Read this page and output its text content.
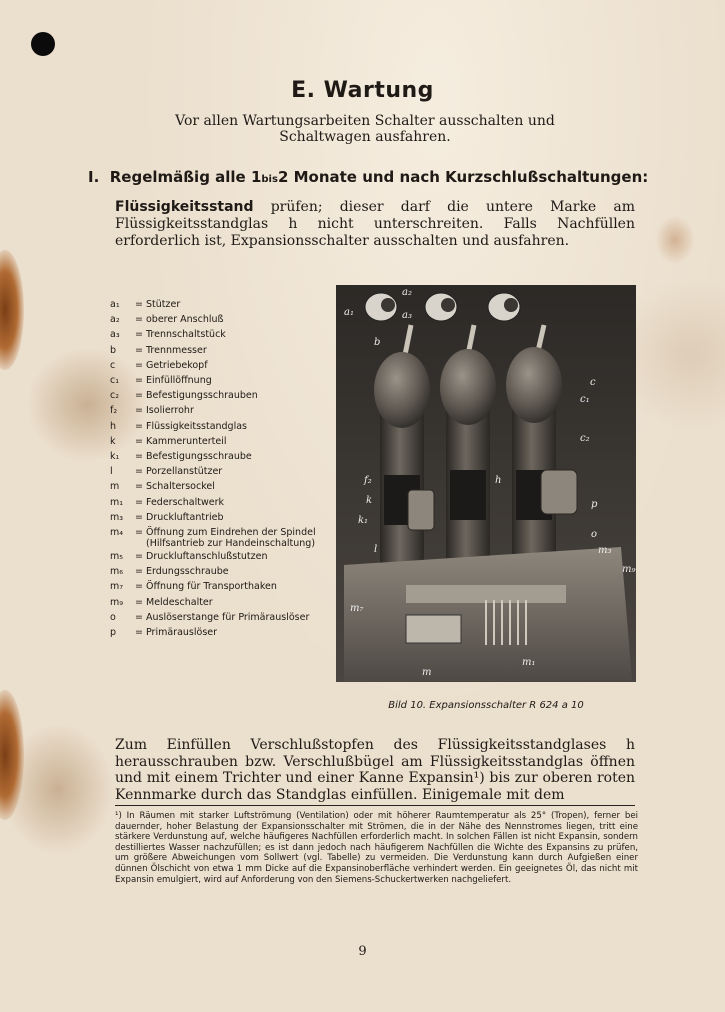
E. Wartung
Vor allen Wartungsarbeiten Schalter ausschalten und Schaltwagen ausfahren.
I. Regelmäßig alle 1bis2 Monate und nach Kurzschlußschaltungen:
Flüssigkeitsstand prüfen; dieser darf die untere Marke am Flüssigkeitsstandglas h nicht unterschreiten. Falls Nachfüllen erforderlich ist, Expansionsschalter ausschalten und ausfahren.
a₁	= Stützer
a₂	= oberer Anschluß
a₃	= Trennschaltstück
b	= Trennmesser
c	= Getriebekopf
c₁	= Einfüllöffnung
c₂	= Befestigungsschrauben
f₂	= Isolierrohr
h	= Flüssigkeitsstandglas
k	= Kammerunterteil
k₁	= Befestigungsschraube
l	= Porzellanstützer
m	= Schaltersockel
m₁	= Federschaltwerk
m₃	= Druckluftantrieb
m₄	= Öffnung zum Eindrehen der Spindel (Hilfsantrieb zur Handeinschaltung)
m₅	= Druckluftanschlußstutzen
m₆	= Erdungsschraube
m₇	= Öffnung für Transporthaken
m₉	= Meldeschalter
o	= Auslöserstange für Primärauslöser
p	= Primärauslöser
a₁
a₂
a₃
b
c
c₁
c₂
f₂	h
k
k₁
l
p
o
m₃
m₇
m₁
m₉
m
Bild 10. Expansionsschalter R 624 a 10
Zum Einfüllen Verschlußstopfen des Flüssigkeitsstandglases h herausschrauben bzw. Verschlußbügel am Flüssigkeitsstandglas öffnen und mit einem Trichter und einer Kanne Expansin¹) bis zur oberen roten Kennmarke durch das Standglas einfüllen. Einigemale mit dem
¹) In Räumen mit starker Luftströmung (Ventilation) oder mit höherer Raumtemperatur als 25° (Tropen), ferner bei dauernder, hoher Belastung der Expansionsschalter mit Strömen, die in der Nähe des Nennstromes liegen, tritt eine stärkere Verdunstung auf, welche häufigeres Nachfüllen erforderlich macht. In solchen Fällen ist nicht Expansin, sondern destilliertes Wasser nachzufüllen; es ist dann jedoch nach häufigerem Nachfüllen die Wichte des Expansins zu prüfen, um größere Abweichungen vom Sollwert (vgl. Tabelle) zu vermeiden. Die Verdunstung kann durch Aufgießen einer dünnen Ölschicht von etwa 1 mm Dicke auf die Expansinoberfläche verhindert werden. Ein geeignetes Öl, das nicht mit Expansin emulgiert, wird auf Anforderung von den Siemens-Schuckertwerken nachgeliefert.
9
